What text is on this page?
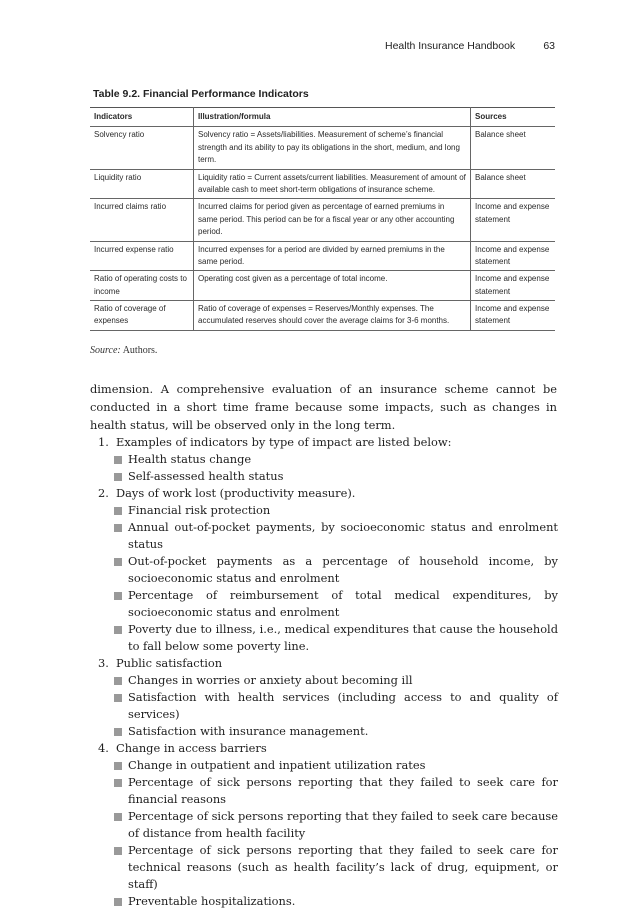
Health Insurance Handbook	63
Table 9.2. Financial Performance Indicators
Indicators	Illustration/formula	Sources
Solvency ratio	Solvency ratio = Assets/liabilities. Measurement of scheme’s financial strength and its ability to pay its obligations in the short, medium, and long term.	Balance sheet
Liquidity ratio	Liquidity ratio = Current assets/current liabilities. Measurement of amount of available cash to meet short-term obligations of insurance scheme.	Balance sheet
Incurred claims ratio	Incurred claims for period given as percentage of earned premiums in same period. This period can be for a fiscal year or any other accounting period.	Income and expense statement
Incurred expense ratio	Incurred expenses for a period are divided by earned premiums in the same period.	Income and expense statement
Ratio of operating costs to income	Operating cost given as a percentage of total income.	Income and expense statement
Ratio of coverage of expenses	Ratio of coverage of expenses = Reserves/Monthly expenses. The accumulated reserves should cover the average claims for 3-6 months.	Income and expense statement
Source: Authors.

dimension. A comprehensive evaluation of an insurance scheme cannot be conducted in a short time frame because some impacts, such as changes in health status, will be observed only in the long term.

1. Examples of indicators by type of impact are listed below:
Health status change
Self-assessed health status
2. Days of work lost (productivity measure).
Financial risk protection
Annual out-of-pocket payments, by socioeconomic status and enrolment status
Out-of-pocket payments as a percentage of household income, by socioeconomic status and enrolment
Percentage of reimbursement of total medical expenditures, by socioeconomic status and enrolment
Poverty due to illness, i.e., medical expenditures that cause the household to fall below some poverty line.
3. Public satisfaction
Changes in worries or anxiety about becoming ill
Satisfaction with health services (including access to and quality of services)
Satisfaction with insurance management.
4. Change in access barriers
Change in outpatient and inpatient utilization rates
Percentage of sick persons reporting that they failed to seek care for financial reasons
Percentage of sick persons reporting that they failed to seek care because of distance from health facility
Percentage of sick persons reporting that they failed to seek care for technical reasons (such as health facility’s lack of drug, equipment, or staff)
Preventable hospitalizations.
